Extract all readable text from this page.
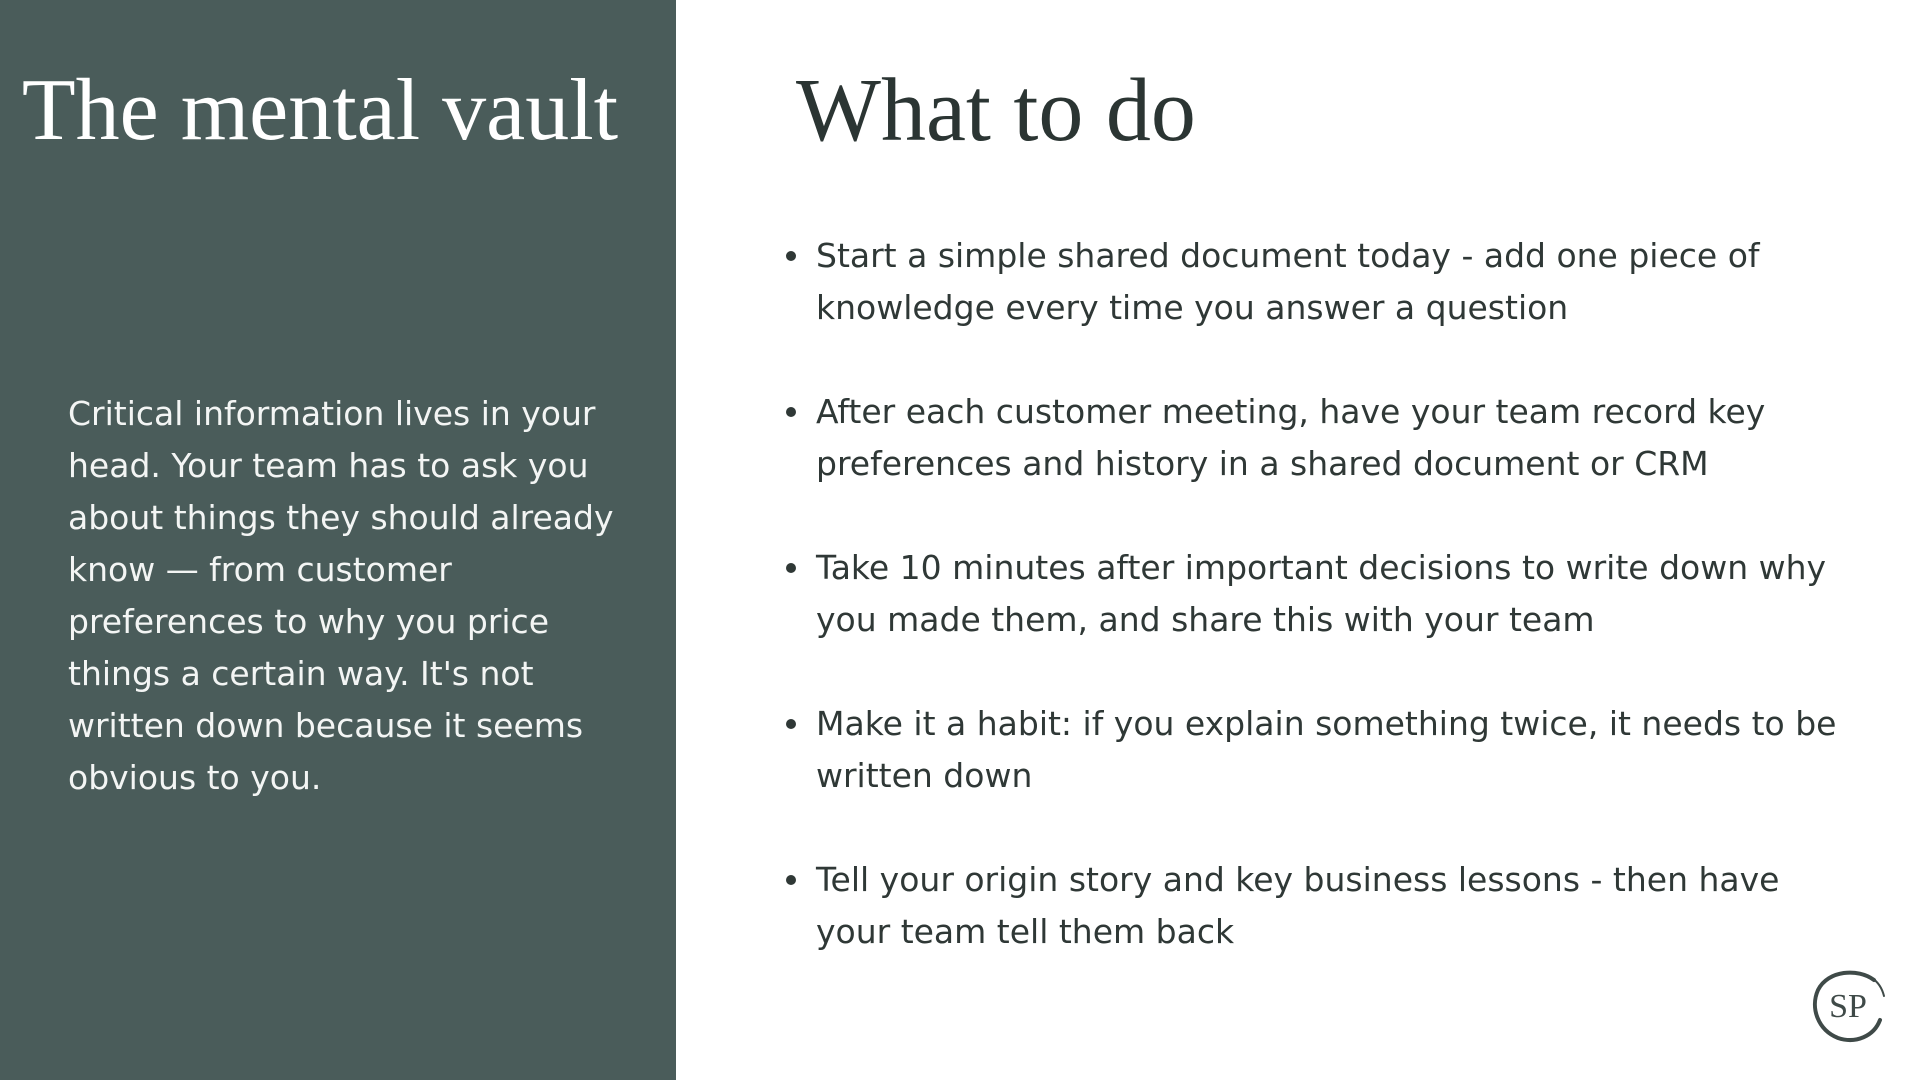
The mental vault

Critical information lives in your head. Your team has to ask you about things they should already know — from customer preferences to why you price things a certain way. It's not written down because it seems obvious to you.

What to do
Start a simple shared document today - add one piece of knowledge every time you answer a question
After each customer meeting, have your team record key preferences and history in a shared document or CRM
Take 10 minutes after important decisions to write down why you made them, and share this with your team
Make it a habit: if you explain something twice, it needs to be written down
Tell your origin story and key business lessons - then have your team tell them back
SP
